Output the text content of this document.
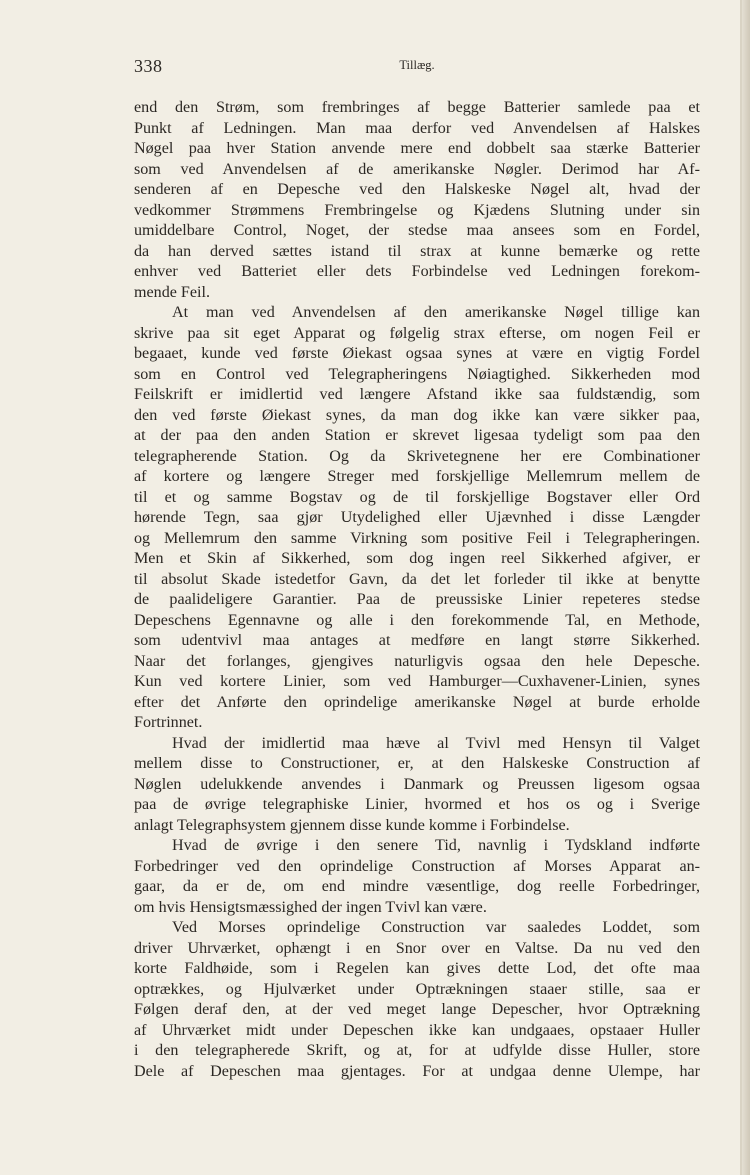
338	Tillæg.
end den Strøm, som frembringes af begge Batterier samlede paa et
Punkt af Ledningen. Man maa derfor ved Anvendelsen af Halskes
Nøgel paa hver Station anvende mere end dobbelt saa stærke Batterier
som ved Anvendelsen af de amerikanske Nøgler. Derimod har Af-
senderen af en Depesche ved den Halskeske Nøgel alt, hvad der
vedkommer Strømmens Frembringelse og Kjædens Slutning under sin
umiddelbare Control, Noget, der stedse maa ansees som en Fordel,
da han derved sættes istand til strax at kunne bemærke og rette
enhver ved Batteriet eller dets Forbindelse ved Ledningen forekom-
mende Feil.
At man ved Anvendelsen af den amerikanske Nøgel tillige kan
skrive paa sit eget Apparat og følgelig strax efterse, om nogen Feil er
begaaet, kunde ved første Øiekast ogsaa synes at være en vigtig Fordel
som en Control ved Telegrapheringens Nøiagtighed. Sikkerheden mod
Feilskrift er imidlertid ved længere Afstand ikke saa fuldstændig, som
den ved første Øiekast synes, da man dog ikke kan være sikker paa,
at der paa den anden Station er skrevet ligesaa tydeligt som paa den
telegrapherende Station. Og da Skrivetegnene her ere Combinationer
af kortere og længere Streger med forskjellige Mellemrum mellem de
til et og samme Bogstav og de til forskjellige Bogstaver eller Ord
hørende Tegn, saa gjør Utydelighed eller Ujævnhed i disse Længder
og Mellemrum den samme Virkning som positive Feil i Telegrapheringen.
Men et Skin af Sikkerhed, som dog ingen reel Sikkerhed afgiver, er
til absolut Skade istedetfor Gavn, da det let forleder til ikke at benytte
de paalideligere Garantier. Paa de preussiske Linier repeteres stedse
Depeschens Egennavne og alle i den forekommende Tal, en Methode,
som udentvivl maa antages at medføre en langt større Sikkerhed.
Naar det forlanges, gjengives naturligvis ogsaa den hele Depesche.
Kun ved kortere Linier, som ved Hamburger—Cuxhavener-Linien, synes
efter det Anførte den oprindelige amerikanske Nøgel at burde erholde
Fortrinnet.
Hvad der imidlertid maa hæve al Tvivl med Hensyn til Valget
mellem disse to Constructioner, er, at den Halskeske Construction af
Nøglen udelukkende anvendes i Danmark og Preussen ligesom ogsaa
paa de øvrige telegraphiske Linier, hvormed et hos os og i Sverige
anlagt Telegraphsystem gjennem disse kunde komme i Forbindelse.
Hvad de øvrige i den senere Tid, navnlig i Tydskland indførte
Forbedringer ved den oprindelige Construction af Morses Apparat an-
gaar, da er de, om end mindre væsentlige, dog reelle Forbedringer,
om hvis Hensigtsmæssighed der ingen Tvivl kan være.
Ved Morses oprindelige Construction var saaledes Loddet, som
driver Uhrværket, ophængt i en Snor over en Valtse. Da nu ved den
korte Faldhøide, som i Regelen kan gives dette Lod, det ofte maa
optrækkes, og Hjulværket under Optrækningen staaer stille, saa er
Følgen deraf den, at der ved meget lange Depescher, hvor Optrækning
af Uhrværket midt under Depeschen ikke kan undgaaes, opstaaer Huller
i den telegrapherede Skrift, og at, for at udfylde disse Huller, store
Dele af Depeschen maa gjentages. For at undgaa denne Ulempe, har
